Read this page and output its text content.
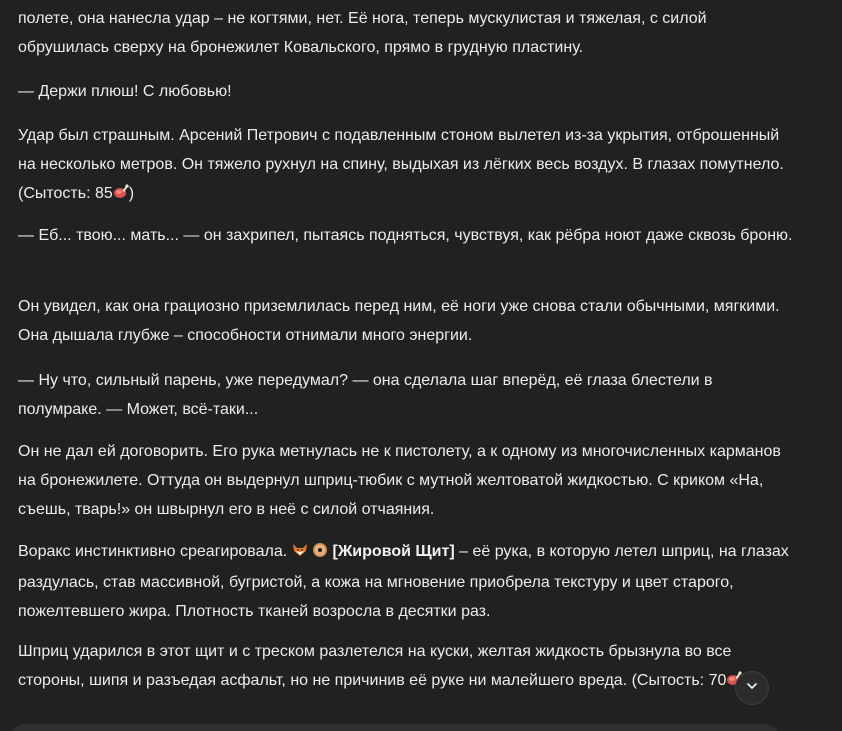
полете, она нанесла удар – не когтями, нет. Её нога, теперь мускулистая и тяжелая, с силой обрушилась сверху на бронежилет Ковальского, прямо в грудную пластину.

— Держи плюш! С любовью!

Удар был страшным. Арсений Петрович с подавленным стоном вылетел из-за укрытия, отброшенный на несколько метров. Он тяжело рухнул на спину, выдыхая из лёгких весь воздух. В глазах помутнело. (Сытость: 85 )

— Еб... твою... мать... — он захрипел, пытаясь подняться, чувствуя, как рёбра ноют даже сквозь броню.

Он увидел, как она грациозно приземлилась перед ним, её ноги уже снова стали обычными, мягкими. Она дышала глубже – способности отнимали много энергии.

— Ну что, сильный парень, уже передумал? — она сделала шаг вперёд, её глаза блестели в полумраке. — Может, всё-таки...

Он не дал ей договорить. Его рука метнулась не к пистолету, а к одному из многочисленных карманов на бронежилете. Оттуда он выдернул шприц-тюбик с мутной желтоватой жидкостью. С криком «На, съешь, тварь!» он швырнул его в неё с силой отчаяния.

Воракс инстинктивно среагировала.	[Жировой Щит] – её рука, в которую летел шприц, на глазах раздулась, став массивной, бугристой, а кожа на мгновение приобрела текстуру и цвет старого, пожелтевшего жира. Плотность тканей возросла в десятки раз.

Шприц ударился в этот щит и с треском разлетелся на куски, желтая жидкость брызнула во все стороны, шипя и разъедая асфальт, но не причинив её руке ни малейшего вреда. (Сытость: 70
